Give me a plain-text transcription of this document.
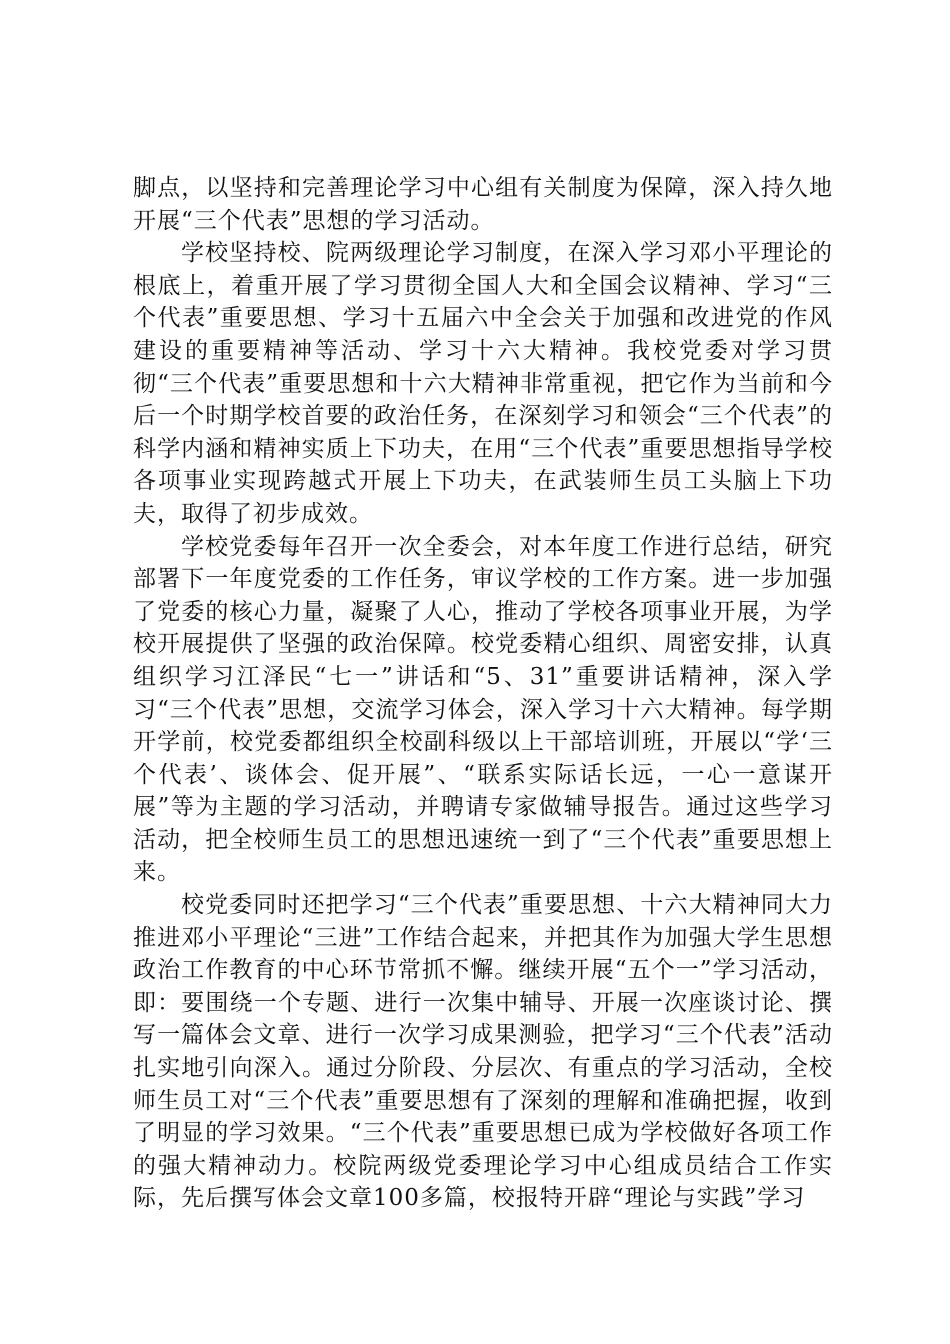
脚点，以坚持和完善理论学习中心组有关制度为保障，深入持久地开展“三个代表”思想的学习活动。

学校坚持校、院两级理论学习制度，在深入学习邓小平理论的根底上，着重开展了学习贯彻全国人大和全国会议精神、学习“三个代表”重要思想、学习十五届六中全会关于加强和改进党的作风建设的重要精神等活动、学习十六大精神。我校党委对学习贯彻“三个代表”重要思想和十六大精神非常重视，把它作为当前和今后一个时期学校首要的政治任务，在深刻学习和领会“三个代表”的科学内涵和精神实质上下功夫，在用“三个代表”重要思想指导学校各项事业实现跨越式开展上下功夫，在武装师生员工头脑上下功夫，取得了初步成效。

学校党委每年召开一次全委会，对本年度工作进行总结，研究部署下一年度党委的工作任务，审议学校的工作方案。进一步加强了党委的核心力量，凝聚了人心，推动了学校各项事业开展，为学校开展提供了坚强的政治保障。校党委精心组织、周密安排，认真组织学习江泽民“七一”讲话和“5、31”重要讲话精神，深入学习“三个代表”思想，交流学习体会，深入学习十六大精神。每学期开学前，校党委都组织全校副科级以上干部培训班，开展以“学‘三个代表’、谈体会、促开展”、“联系实际话长远，一心一意谋开展”等为主题的学习活动，并聘请专家做辅导报告。通过这些学习活动，把全校师生员工的思想迅速统一到了“三个代表”重要思想上来。

校党委同时还把学习“三个代表”重要思想、十六大精神同大力推进邓小平理论“三进”工作结合起来，并把其作为加强大学生思想政治工作教育的中心环节常抓不懈。继续开展“五个一”学习活动，即：要围绕一个专题、进行一次集中辅导、开展一次座谈讨论、撰写一篇体会文章、进行一次学习成果测验，把学习“三个代表”活动扎实地引向深入。通过分阶段、分层次、有重点的学习活动，全校师生员工对“三个代表”重要思想有了深刻的理解和准确把握，收到了明显的学习效果。“三个代表”重要思想已成为学校做好各项工作的强大精神动力。校院两级党委理论学习中心组成员结合工作实际，先后撰写体会文章100多篇，校报特开辟“理论与实践”学习
